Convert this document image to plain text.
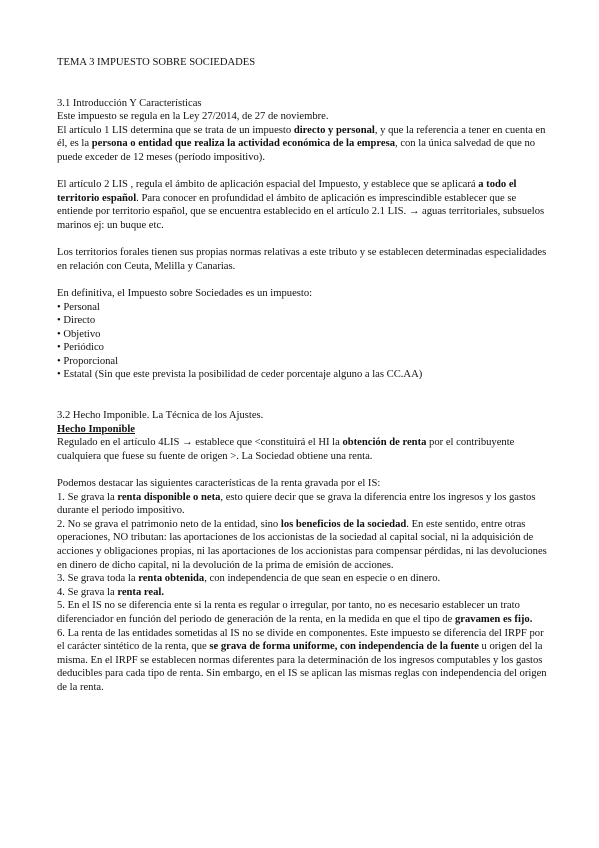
TEMA 3 IMPUESTO SOBRE SOCIEDADES

3.1 Introducción Y Características

Este impuesto se regula en la Ley 27/2014, de 27 de noviembre.

El artículo 1 LIS determina que se trata de un impuesto directo y personal, y que la referencia a tener en cuenta en él, es la persona o entidad que realiza la actividad económica de la empresa, con la única salvedad de que no puede exceder de 12 meses (período impositivo).

El artículo 2 LIS , regula el ámbito de aplicación espacial del Impuesto, y establece que se aplicará a todo el territorio español. Para conocer en profundidad el ámbito de aplicación es imprescindible establecer que se entiende por territorio español, que se encuentra establecido en el artículo 2.1 LIS. → aguas territoriales, subsuelos marinos ej: un buque etc.

Los territorios forales tienen sus propias normas relativas a este tributo y se establecen determinadas especialidades en relación con Ceuta, Melilla y Canarias.

En definitiva, el Impuesto sobre Sociedades es un impuesto:

• Personal
• Directo
• Objetivo
• Periódico
• Proporcional
• Estatal (Sin que este prevista la posibilidad de ceder porcentaje alguno a las CC.AA)

3.2 Hecho Imponible. La Técnica de los Ajustes.

Hecho Imponible

Regulado en el artículo 4LIS → establece que <constituirá el HI la obtención de renta por el contribuyente cualquiera que fuese su fuente de origen >. La Sociedad obtiene una renta.

Podemos destacar las siguientes características de la renta gravada por el IS:

1. Se grava la renta disponible o neta, esto quiere decir que se grava la diferencia entre los ingresos y los gastos durante el periodo impositivo.

2. No se grava el patrimonio neto de la entidad, sino los beneficios de la sociedad. En este sentido, entre otras operaciones, NO tributan: las aportaciones de los accionistas de la sociedad al capital social, ni la adquisición de acciones y obligaciones propias, ni las aportaciones de los accionistas para compensar pérdidas, ni las devoluciones en dinero de dicho capital, ni la devolución de la prima de emisión de acciones.

3. Se grava toda la renta obtenida, con independencia de que sean en especie o en dinero.

4. Se grava la renta real.

5. En el IS no se diferencia ente si la renta es regular o irregular, por tanto, no es necesario establecer un trato diferenciador en función del periodo de generación de la renta, en la medida en que el tipo de gravamen es fijo.

6. La renta de las entidades sometidas al IS no se divide en componentes. Este impuesto se diferencia del IRPF por el carácter sintético de la renta, que se grava de forma uniforme, con independencia de la fuente u origen del la misma. En el IRPF se establecen normas diferentes para la determinación de los ingresos computables y los gastos deducibles para cada tipo de renta. Sin embargo, en el IS se aplican las mismas reglas con independencia del origen de la renta.
